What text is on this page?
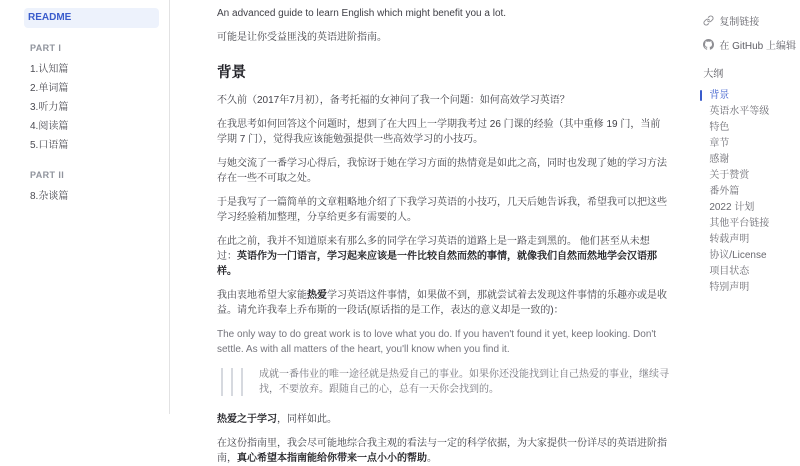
README
PART I
1.认知篇
2.单词篇
3.听力篇
4.阅读篇
5.口语篇
PART II
8.杂谈篇

An advanced guide to learn English which might benefit you a lot.

可能是让你受益匪浅的英语进阶指南。

背景

不久前（2017年7月初），备考托福的女神问了我一个问题：如何高效学习英语？

在我思考如何回答这个问题时，想到了在大四上一学期我考过 26 门课的经验（其中重修 19 门，当前学期 7 门），觉得我应该能勉强提供一些高效学习的小技巧。

与她交流了一番学习心得后，我惊讶于她在学习方面的热情竟是如此之高，同时也发现了她的学习方法存在一些不可取之处。

于是我写了一篇简单的文章粗略地介绍了下我学习英语的小技巧，几天后她告诉我，希望我可以把这些学习经验稍加整理，分享给更多有需要的人。

在此之前，我并不知道原来有那么多的同学在学习英语的道路上是一路走到黑的。 他们甚至从未想过：英语作为一门语言，学习起来应该是一件比较自然而然的事情，就像我们自然而然地学会汉语那样。

我由衷地希望大家能热爱学习英语这件事情，如果做不到，那就尝试着去发现这件事情的乐趣亦或是收益。请允许我奉上乔布斯的一段话(原话指的是工作，表达的意义却是一致的)：

The only way to do great work is to love what you do. If you haven't found it yet, keep looking. Don't settle. As with all matters of the heart, you'll know when you find it.

成就一番伟业的唯一途径就是热爱自己的事业。如果你还没能找到让自己热爱的事业，继续寻找，不要放弃。跟随自己的心，总有一天你会找到的。

热爱之于学习，同样如此。

在这份指南里，我会尽可能地综合我主观的看法与一定的科学依据，为大家提供一份详尽的英语进阶指南，真心希望本指南能给你带来一点小小的帮助。

复制链接
在 GitHub 上编辑
大纲
背景
英语水平等级
特色
章节
感谢
关于赞赏
番外篇
2022 计划
其他平台链接
转载声明
协议/License
项目状态
特别声明
